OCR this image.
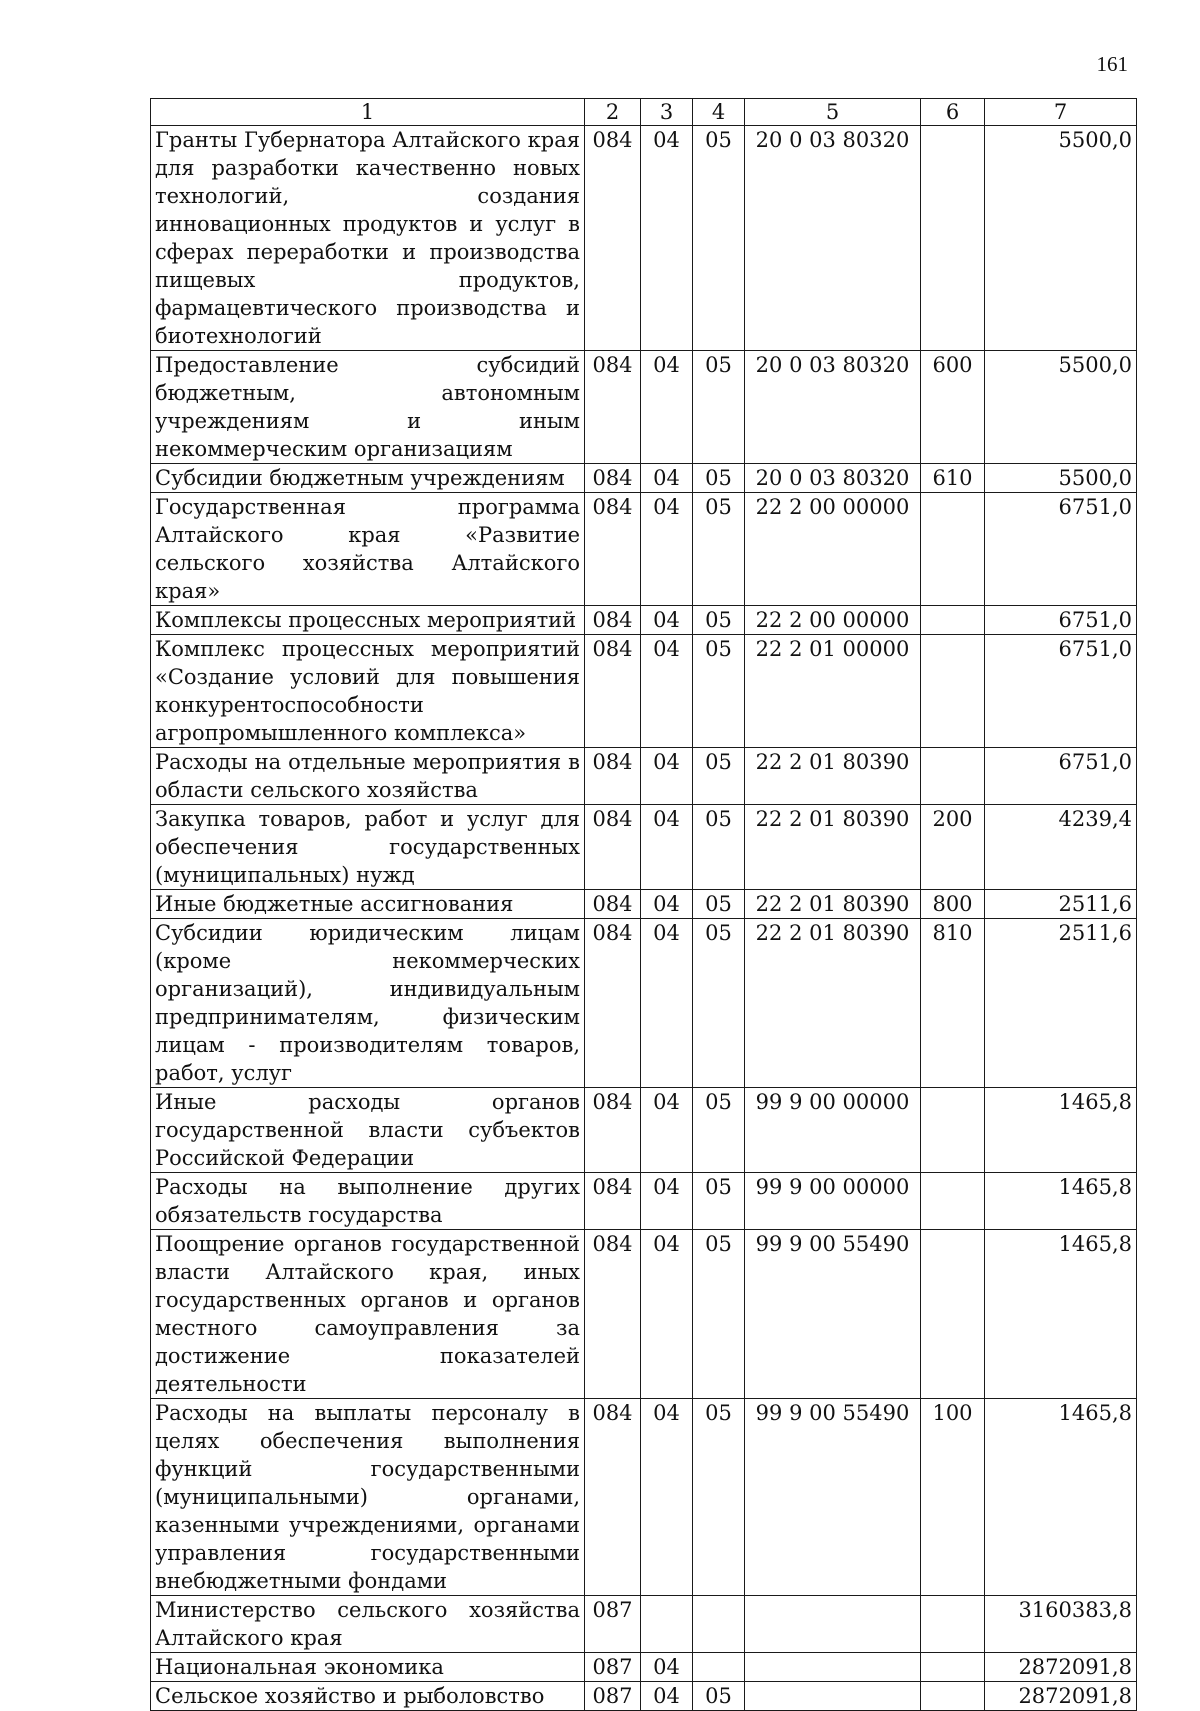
161
1	2	3	4	5	6	7
Гранты Губернатора Алтайского края для разработки качественно новых технологий, создания инновационных продуктов и услуг в сферах переработки и производства пищевых продуктов, фармацевтического производства и биотехнологий	084	04	05	20 0 03 80320		5500,0
Предоставление субсидий бюджетным, автономным учреждениям и иным некоммерческим организациям	084	04	05	20 0 03 80320	600	5500,0
Субсидии бюджетным учреждениям	084	04	05	20 0 03 80320	610	5500,0
Государственная программа Алтайского края «Развитие сельского хозяйства Алтайского края»	084	04	05	22 2 00 00000		6751,0
Комплексы процессных мероприятий	084	04	05	22 2 00 00000		6751,0
Комплекс процессных мероприятий «Создание условий для повышения конкурентоспособности агропромышленного комплекса»	084	04	05	22 2 01 00000		6751,0
Расходы на отдельные мероприятия в области сельского хозяйства	084	04	05	22 2 01 80390		6751,0
Закупка товаров, работ и услуг для обеспечения государственных (муниципальных) нужд	084	04	05	22 2 01 80390	200	4239,4
Иные бюджетные ассигнования	084	04	05	22 2 01 80390	800	2511,6
Субсидии юридическим лицам (кроме некоммерческих организаций), индивидуальным предпринимателям, физическим лицам - производителям товаров, работ, услуг	084	04	05	22 2 01 80390	810	2511,6
Иные расходы органов государственной власти субъектов Российской Федерации	084	04	05	99 9 00 00000		1465,8
Расходы на выполнение других обязательств государства	084	04	05	99 9 00 00000		1465,8
Поощрение органов государственной власти Алтайского края, иных государственных органов и органов местного самоуправления за достижение показателей деятельности	084	04	05	99 9 00 55490		1465,8
Расходы на выплаты персоналу в целях обеспечения выполнения функций государственными (муниципальными) органами, казенными учреждениями, органами управления государственными внебюджетными фондами	084	04	05	99 9 00 55490	100	1465,8
Министерство сельского хозяйства Алтайского края	087					3160383,8
Национальная экономика	087	04				2872091,8
Сельское хозяйство и рыболовство	087	04	05			2872091,8
